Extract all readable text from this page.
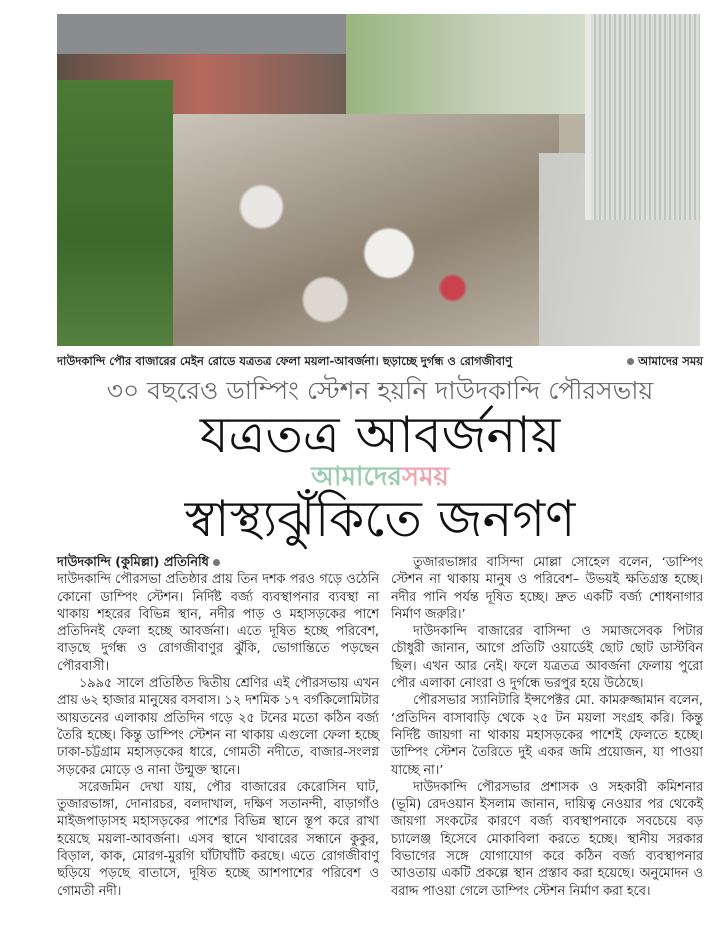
দাউদকান্দি পৌর বাজারের মেইন রোডে যত্রতত্র ফেলা ময়লা-আবর্জনা। ছড়াচ্ছে দুর্গন্ধ ও রোগজীবাণু	আমাদের সময়
৩০ বছরেও ডাম্পিং স্টেশন হয়নি দাউদকান্দি পৌরসভায়
যত্রতত্র আবর্জনায়
আমাদেরসময়
স্বাস্থ্যঝুঁকিতে জনগণ
দাউদকান্দি (কুমিল্লা) প্রতিনিধি

দাউদকান্দি পৌরসভা প্রতিষ্ঠার প্রায় তিন দশক পরও গড়ে ওঠেনি কোনো ডাম্পিং স্টেশন। নির্দিষ্ট বর্জ্য ব্যবস্থাপনার ব্যবস্থা না থাকায় শহরের বিভিন্ন স্থান, নদীর পাড় ও মহাসড়কের পাশে প্রতিদিনই ফেলা হচ্ছে আবর্জনা। এতে দূষিত হচ্ছে পরিবেশ, বাড়ছে দুর্গন্ধ ও রোগজীবাণুর ঝুঁকি, ভোগান্তিতে পড়ছেন পৌরবাসী।

১৯৯৫ সালে প্রতিষ্ঠিত দ্বিতীয় শ্রেণির এই পৌরসভায় এখন প্রায় ৬২ হাজার মানুষের বসবাস। ১২ দশমিক ১৭ বর্গকিলোমিটার আয়তনের এলাকায় প্রতিদিন গড়ে ২৫ টনের মতো কঠিন বর্জ্য তৈরি হচ্ছে। কিন্তু ডাম্পিং স্টেশন না থাকায় এগুলো ফেলা হচ্ছে ঢাকা-চট্টগ্রাম মহাসড়কের ধারে, গোমতী নদীতে, বাজার-সংলগ্ন সড়কের মোড়ে ও নানা উন্মুক্ত স্থানে।

সরেজমিন দেখা যায়, পৌর বাজারের কেরোসিন ঘাট, তুজারভাঙ্গা, দোনারচর, বলদাখাল, দক্ষিণ সতানন্দী, বাড়াগাঁও মাইজপাড়াসহ মহাসড়কের পাশের বিভিন্ন স্থানে স্তূপ করে রাখা হয়েছে ময়লা-আবর্জনা। এসব স্থানে খাবারের সন্ধানে কুকুর, বিড়াল, কাক, মোরগ-মুরগি ঘাঁটাঘাঁটি করছে। এতে রোগজীবাণু ছড়িয়ে পড়ছে বাতাসে, দূষিত হচ্ছে আশপাশের পরিবেশ ও গোমতী নদী।

তুজারভাঙ্গার বাসিন্দা মোল্লা সোহেল বলেন, ‘ডাম্পিং স্টেশন না থাকায় মানুষ ও পরিবেশ– উভয়ই ক্ষতিগ্রস্ত হচ্ছে। নদীর পানি পর্যন্ত দূষিত হচ্ছে। দ্রুত একটি বর্জ্য শোধনাগার নির্মাণ জরুরি।’

দাউদকান্দি বাজারের বাসিন্দা ও সমাজসেবক পিটার চৌধুরী জানান, আগে প্রতিটি ওয়ার্ডেই ছোট ছোট ডাস্টবিন ছিল। এখন আর নেই। ফলে যত্রতত্র আবর্জনা ফেলায় পুরো পৌর এলাকা নোংরা ও দুর্গন্ধে ভরপুর হয়ে উঠেছে।

পৌরসভার স্যানিটারি ইন্সপেক্টর মো. কামরুজ্জামান বলেন, ‘প্রতিদিন বাসাবাড়ি থেকে ২৫ টন ময়লা সংগ্রহ করি। কিন্তু নির্দিষ্ট জায়গা না থাকায় মহাসড়কের পাশেই ফেলতে হচ্ছে। ডাম্পিং স্টেশন তৈরিতে দুই একর জমি প্রয়োজন, যা পাওয়া যাচ্ছে না।’

দাউদকান্দি পৌরসভার প্রশাসক ও সহকারী কমিশনার (ভূমি) রেদওয়ান ইসলাম জানান, দায়িত্ব নেওয়ার পর থেকেই জায়গা সংকটের কারণে বর্জ্য ব্যবস্থাপনাকে সবচেয়ে বড় চ্যালেঞ্জ হিসেবে মোকাবিলা করতে হচ্ছে। স্থানীয় সরকার বিভাগের সঙ্গে যোগাযোগ করে কঠিন বর্জ্য ব্যবস্থাপনার আওতায় একটি প্রকল্পে স্থান প্রস্তাব করা হয়েছে। অনুমোদন ও বরাদ্দ পাওয়া গেলে ডাম্পিং স্টেশন নির্মাণ করা হবে।
